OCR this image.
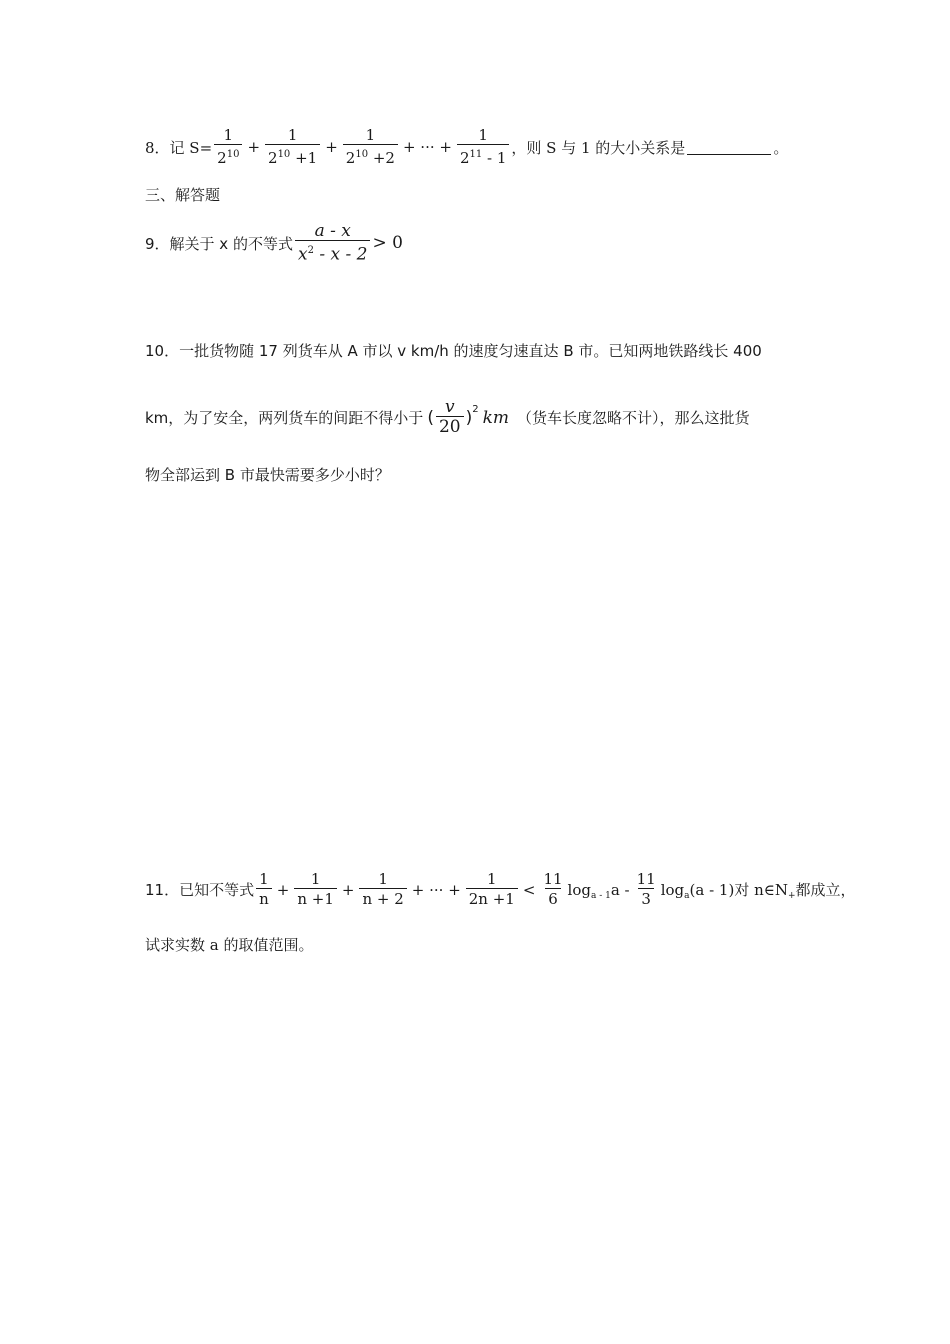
8．记 $S= \frac{1}{2^{10}} + \frac{1}{2^{10} +1} + \frac{1}{2^{10} +2}$ + ··· + $\frac{1}{2^{11} - 1}$ ，则 S 与 1 的大小关系是	。
三、解答题
9．解关于 x 的不等式 $\frac{a - x}{x^2 - x - 2} > 0$
10．一批货物随 17 列货车从 A 市以 v km/h 的速度匀速直达 B 市。已知两地铁路线长 400
km，为了安全，两列货车的间距不得小于 ( $\frac{v}{20} )^2$ km （货车长度忽略不计），那么这批货
物全部运到 B 市最快需要多少小时？
11．已知不等式 $\frac{1}{n} + \frac{1}{n +1} + \frac{1}{n + 2}$ + ··· + $\frac{1}{2n +1} < \frac{11}{6} \log_{a - 1} a - \frac{11}{3} \log_a (a - 1)$ 对 $n\in N_+$ 都成立，
试求实数 a 的取值范围。
